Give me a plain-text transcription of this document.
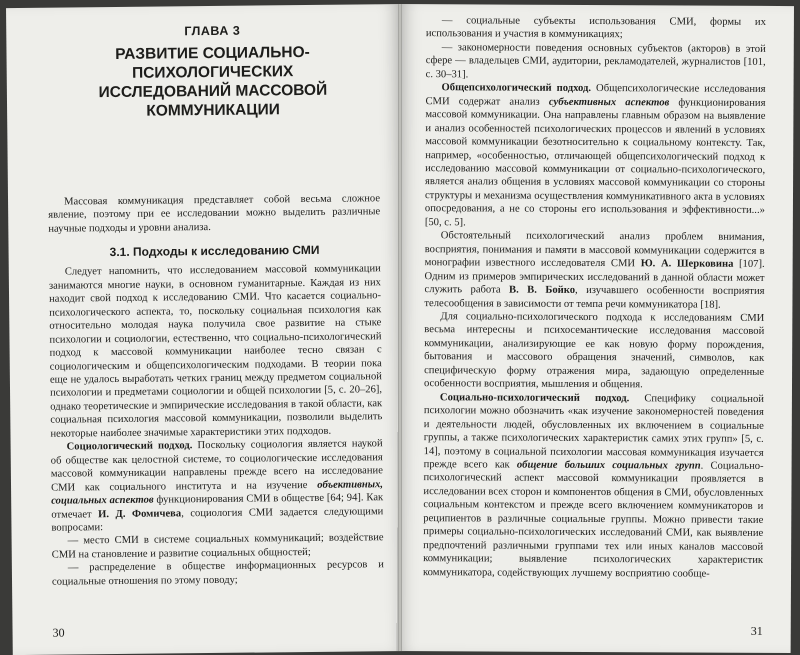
ГЛАВА 3
РАЗВИТИЕ СОЦИАЛЬНО-ПСИХОЛОГИЧЕСКИХ
ИССЛЕДОВАНИЙ МАССОВОЙ
КОММУНИКАЦИИ

Массовая коммуникация представляет собой весьма сложное явление, поэтому при ее исследовании можно выделить различные научные подходы и уровни анализа.

3.1. Подходы к исследованию СМИ

Следует напомнить, что исследованием массовой коммуникации занимаются многие науки, в основном гуманитарные. Каждая из них находит свой подход к исследованию СМИ. Что касается социально-психологического аспекта, то, поскольку социальная психология как относительно молодая наука получила свое развитие на стыке психологии и социологии, естественно, что социально-психологический подход к массовой коммуникации наиболее тесно связан с социологическим и общепсихологическим подходами. В теории пока еще не удалось выработать четких границ между предметом социальной психологии и предметами социологии и общей психологии [5, с. 20–26], однако теоретические и эмпирические исследования в такой области, как социальная психология массовой коммуникации, позволили выделить некоторые наиболее значимые характеристики этих подходов.

Социологический подход. Поскольку социология является наукой об обществе как целостной системе, то социологические исследования массовой коммуникации направлены прежде всего на исследование СМИ как социального института и на изучение объективных, социальных аспектов функционирования СМИ в обществе [64; 94]. Как отмечает И. Д. Фомичева, социология СМИ задается следующими вопросами:

— место СМИ в системе социальных коммуникаций; воздействие СМИ на становление и развитие социальных общностей;

— распределение в обществе информационных ресурсов и социальные отношения по этому поводу;

30

— социальные субъекты использования СМИ, формы их использования и участия в коммуникациях;

— закономерности поведения основных субъектов (акторов) в этой сфере — владельцев СМИ, аудитории, рекламодателей, журналистов [101, с. 30–31].

Общепсихологический подход. Общепсихологические исследования СМИ содержат анализ субъективных аспектов функционирования массовой коммуникации. Она направлены главным образом на выявление и анализ особенностей психологических процессов и явлений в условиях массовой коммуникации безотносительно к социальному контексту. Так, например, «особенностью, отличающей общепсихологический подход к исследованию массовой коммуникации от социально-психологического, является анализ общения в условиях массовой коммуникации со стороны структуры и механизма осуществления коммуникативного акта в условиях опосредования, а не со стороны его использования и эффективности...» [50, с. 5].

Обстоятельный психологический анализ проблем внимания, восприятия, понимания и памяти в массовой коммуникации содержится в монографии известного исследователя СМИ Ю. А. Шерковина [107]. Одним из примеров эмпирических исследований в данной области может служить работа В. В. Бойко, изучавшего особенности восприятия телесообщения в зависимости от темпа речи коммуникатора [18].

Для социально-психологического подхода к исследованиям СМИ весьма интересны и психосемантические исследования массовой коммуникации, анализирующие ее как новую форму порождения, бытования и массового обращения значений, символов, как специфическую форму отражения мира, задающую определенные особенности восприятия, мышления и общения.

Социально-психологический подход. Специфику социальной психологии можно обозначить «как изучение закономерностей поведения и деятельности людей, обусловленных их включением в социальные группы, а также психологических характеристик самих этих групп» [5, с. 14], поэтому в социальной психологии массовая коммуникация изучается прежде всего как общение больших социальных групп. Социально-психологический аспект массовой коммуникации проявляется в исследовании всех сторон и компонентов общения в СМИ, обусловленных социальным контекстом и прежде всего включением коммуникаторов и реципиентов в различные социальные группы. Можно привести такие примеры социально-психологических исследований СМИ, как выявление предпочтений различными группами тех или иных каналов массовой коммуникации; выявление психологических характеристик коммуникатора, содействующих лучшему восприятию сообще-

31
